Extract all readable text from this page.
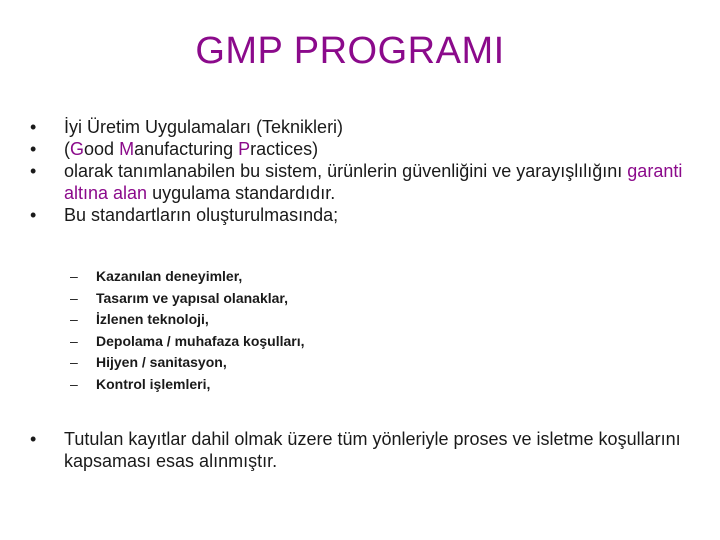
GMP PROGRAMI
•	İyi Üretim Uygulamaları (Teknikleri)
•	(Good Manufacturing Practices)
•	olarak tanımlanabilen bu sistem, ürünlerin güvenliğini ve yarayışlılığını garanti altına alan uygulama standardıdır.
•	Bu standartların oluşturulmasında;
– Kazanılan deneyimler,
– Tasarım ve yapısal olanaklar,
– İzlenen teknoloji,
– Depolama / muhafaza koşulları,
– Hijyen / sanitasyon,
– Kontrol işlemleri,
• Tutulan kayıtlar dahil olmak üzere tüm yönleriyle proses ve isletme koşullarını kapsaması esas alınmıştır.
